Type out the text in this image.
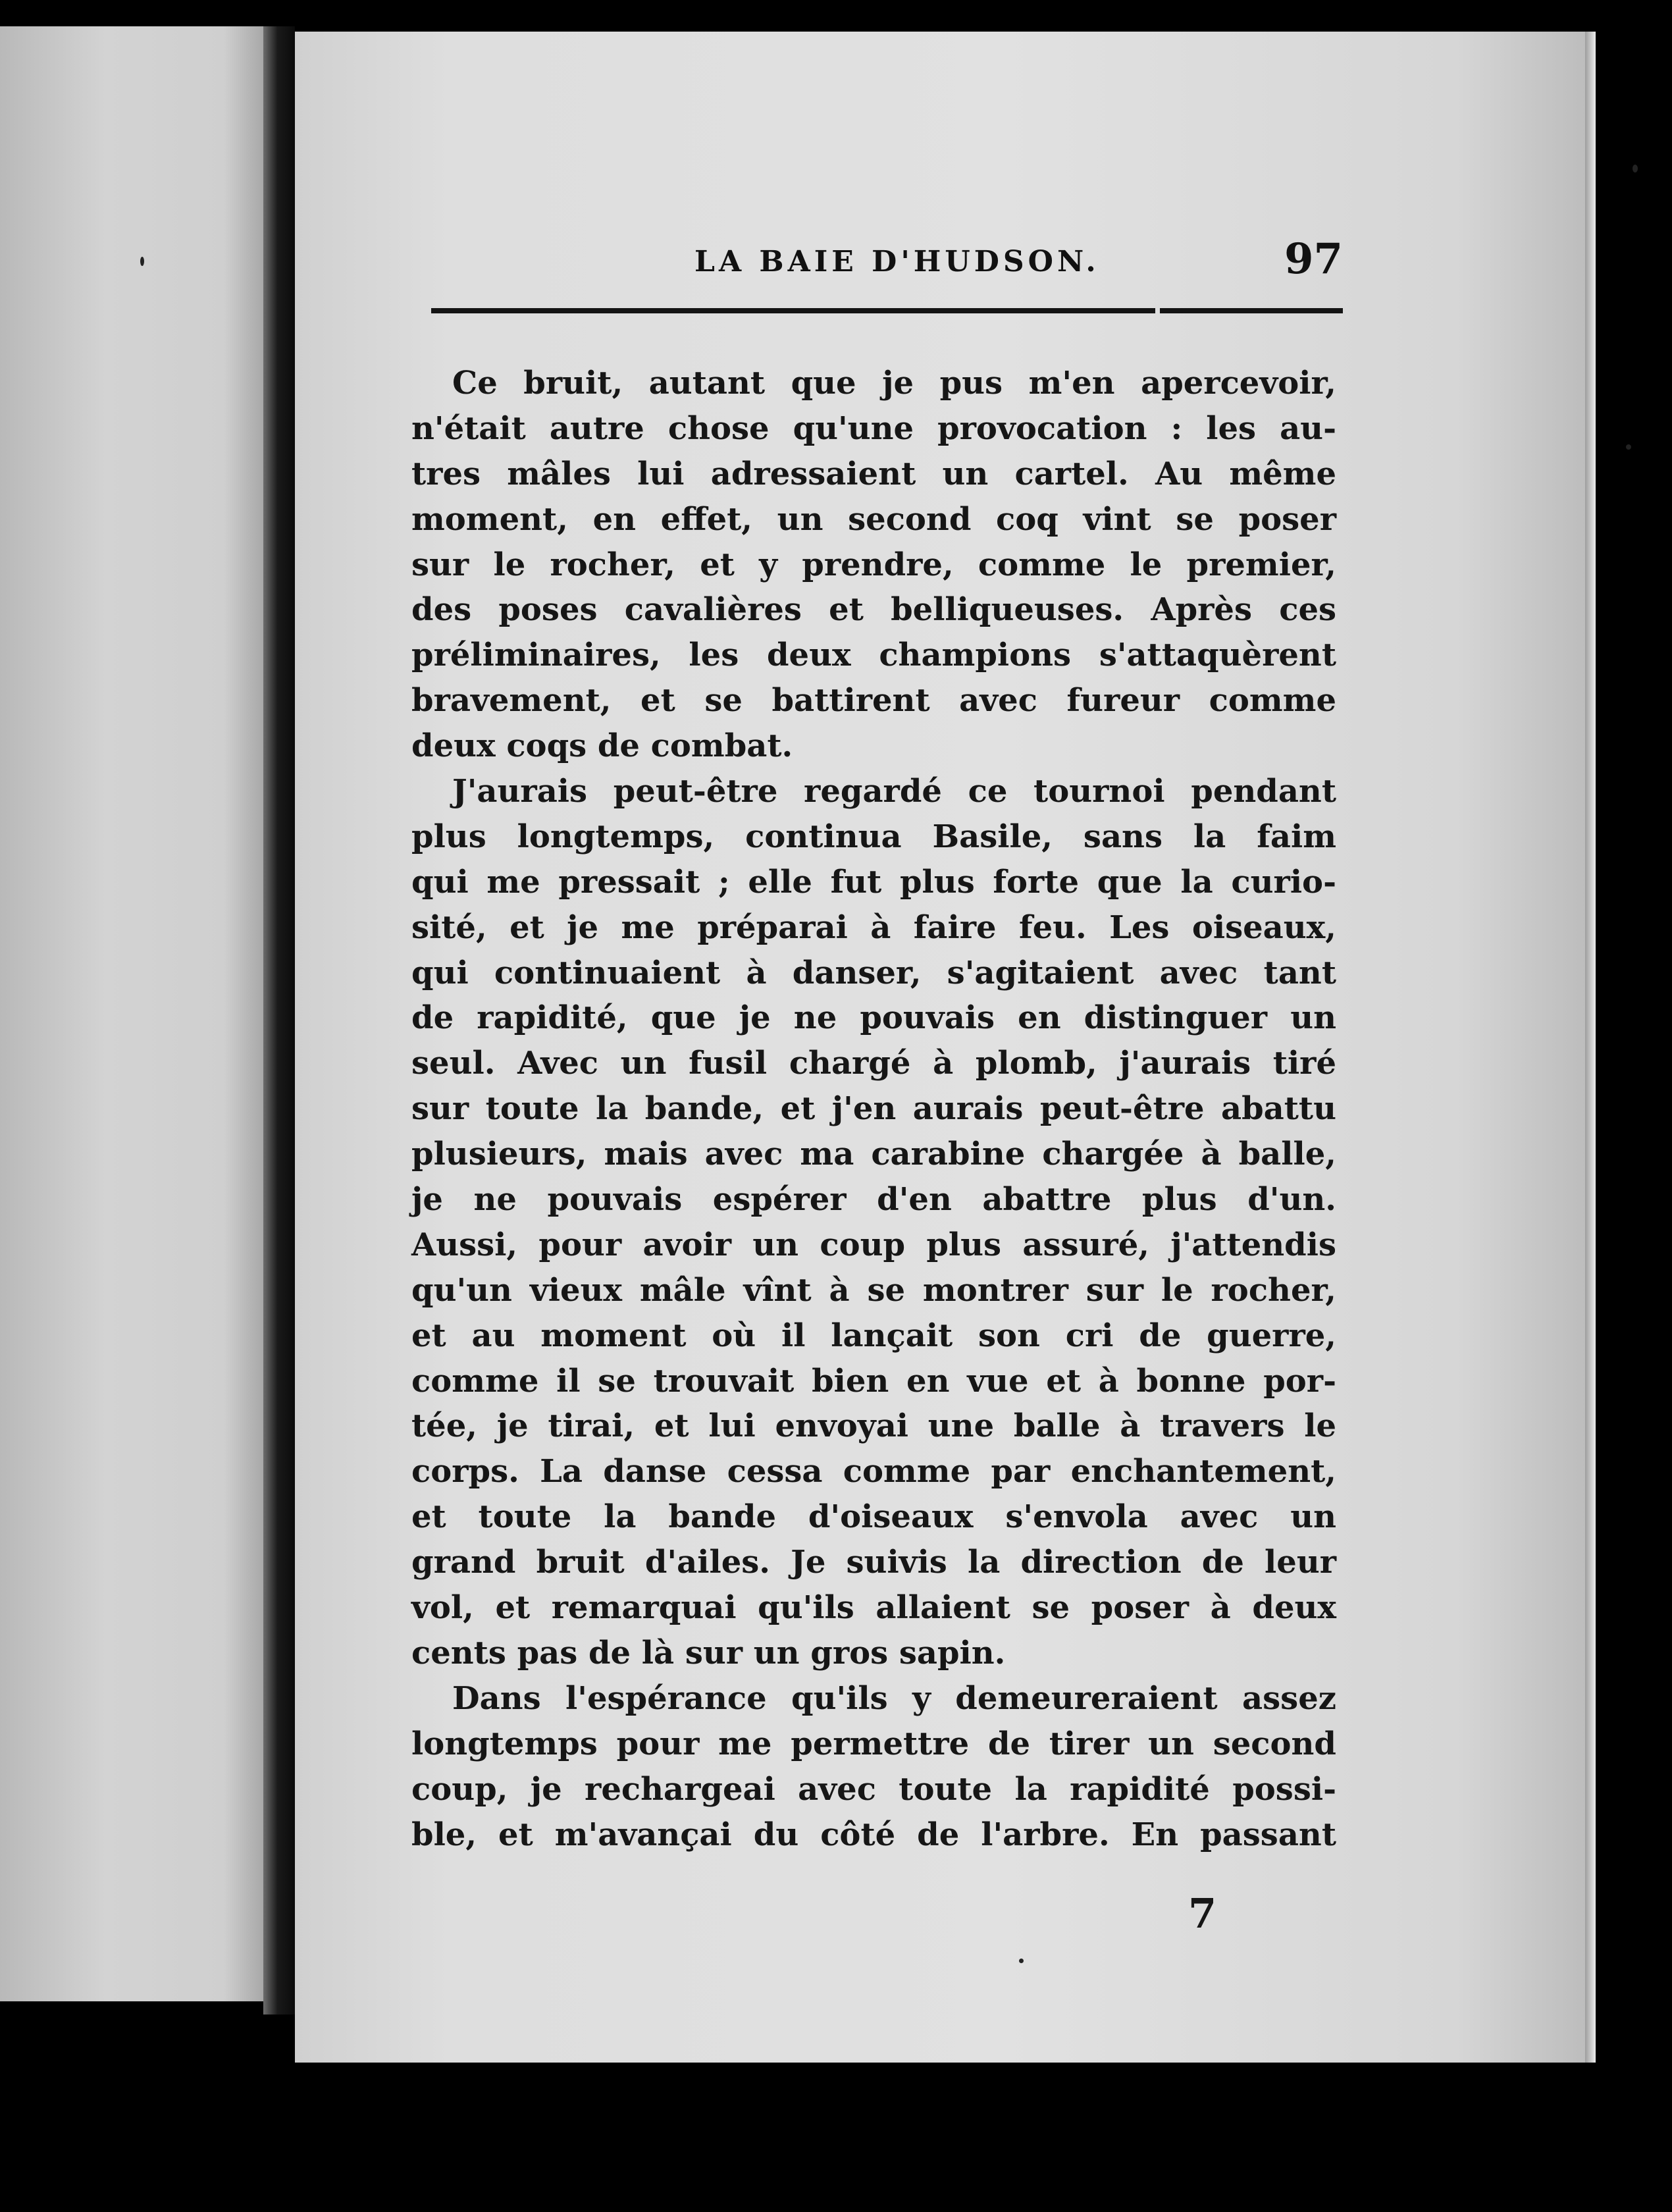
LA BAIE D'HUDSON.	97
Ce bruit, autant que je pus m'en apercevoir,
n'était autre chose qu'une provocation : les au-
tres mâles lui adressaient un cartel. Au même
moment, en effet, un second coq vint se poser
sur le rocher, et y prendre, comme le premier,
des poses cavalières et belliqueuses. Après ces
préliminaires, les deux champions s'attaquèrent
bravement, et se battirent avec fureur comme
deux coqs de combat.
J'aurais peut-être regardé ce tournoi pendant
plus longtemps, continua Basile, sans la faim
qui me pressait ; elle fut plus forte que la curio-
sité, et je me préparai à faire feu. Les oiseaux,
qui continuaient à danser, s'agitaient avec tant
de rapidité, que je ne pouvais en distinguer un
seul. Avec un fusil chargé à plomb, j'aurais tiré
sur toute la bande, et j'en aurais peut-être abattu
plusieurs, mais avec ma carabine chargée à balle,
je ne pouvais espérer d'en abattre plus d'un.
Aussi, pour avoir un coup plus assuré, j'attendis
qu'un vieux mâle vînt à se montrer sur le rocher,
et au moment où il lançait son cri de guerre,
comme il se trouvait bien en vue et à bonne por-
tée, je tirai, et lui envoyai une balle à travers le
corps. La danse cessa comme par enchantement,
et toute la bande d'oiseaux s'envola avec un
grand bruit d'ailes. Je suivis la direction de leur
vol, et remarquai qu'ils allaient se poser à deux
cents pas de là sur un gros sapin.
Dans l'espérance qu'ils y demeureraient assez
longtemps pour me permettre de tirer un second
coup, je rechargeai avec toute la rapidité possi-
ble, et m'avançai du côté de l'arbre. En passant
7
